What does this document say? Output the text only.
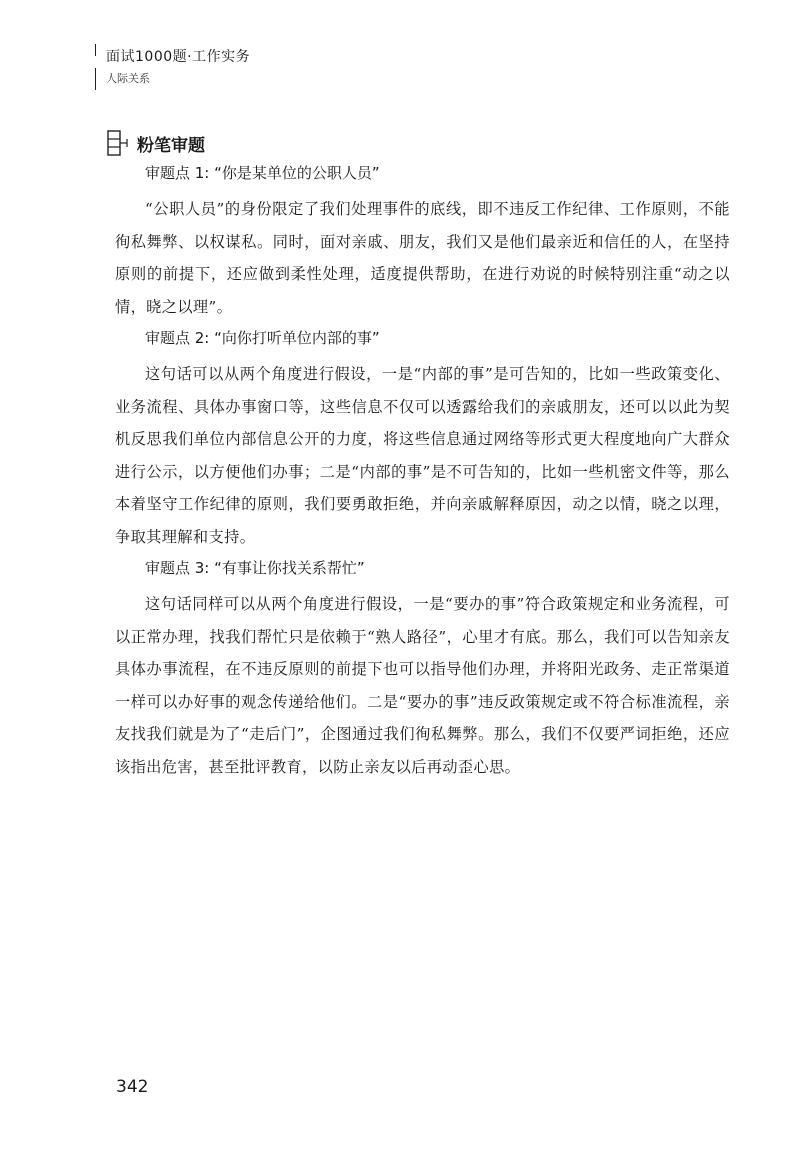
面试1000题·工作实务
人际关系
粉笔审题

审题点 1: “你是某单位的公职人员”

“公职人员”的身份限定了我们处理事件的底线，即不违反工作纪律、工作原则，不能徇私舞弊、以权谋私。同时，面对亲戚、朋友，我们又是他们最亲近和信任的人，在坚持原则的前提下，还应做到柔性处理，适度提供帮助，在进行劝说的时候特别注重“动之以情，晓之以理”。

审题点 2: “向你打听单位内部的事”

这句话可以从两个角度进行假设，一是“内部的事”是可告知的，比如一些政策变化、业务流程、具体办事窗口等，这些信息不仅可以透露给我们的亲戚朋友，还可以以此为契机反思我们单位内部信息公开的力度，将这些信息通过网络等形式更大程度地向广大群众进行公示，以方便他们办事；二是“内部的事”是不可告知的，比如一些机密文件等，那么本着坚守工作纪律的原则，我们要勇敢拒绝，并向亲戚解释原因，动之以情，晓之以理，争取其理解和支持。

审题点 3: “有事让你找关系帮忙”

这句话同样可以从两个角度进行假设，一是“要办的事”符合政策规定和业务流程，可以正常办理，找我们帮忙只是依赖于“熟人路径”，心里才有底。那么，我们可以告知亲友具体办事流程，在不违反原则的前提下也可以指导他们办理，并将阳光政务、走正常渠道一样可以办好事的观念传递给他们。二是“要办的事”违反政策规定或不符合标准流程，亲友找我们就是为了“走后门”，企图通过我们徇私舞弊。那么，我们不仅要严词拒绝，还应该指出危害，甚至批评教育，以防止亲友以后再动歪心思。

342
